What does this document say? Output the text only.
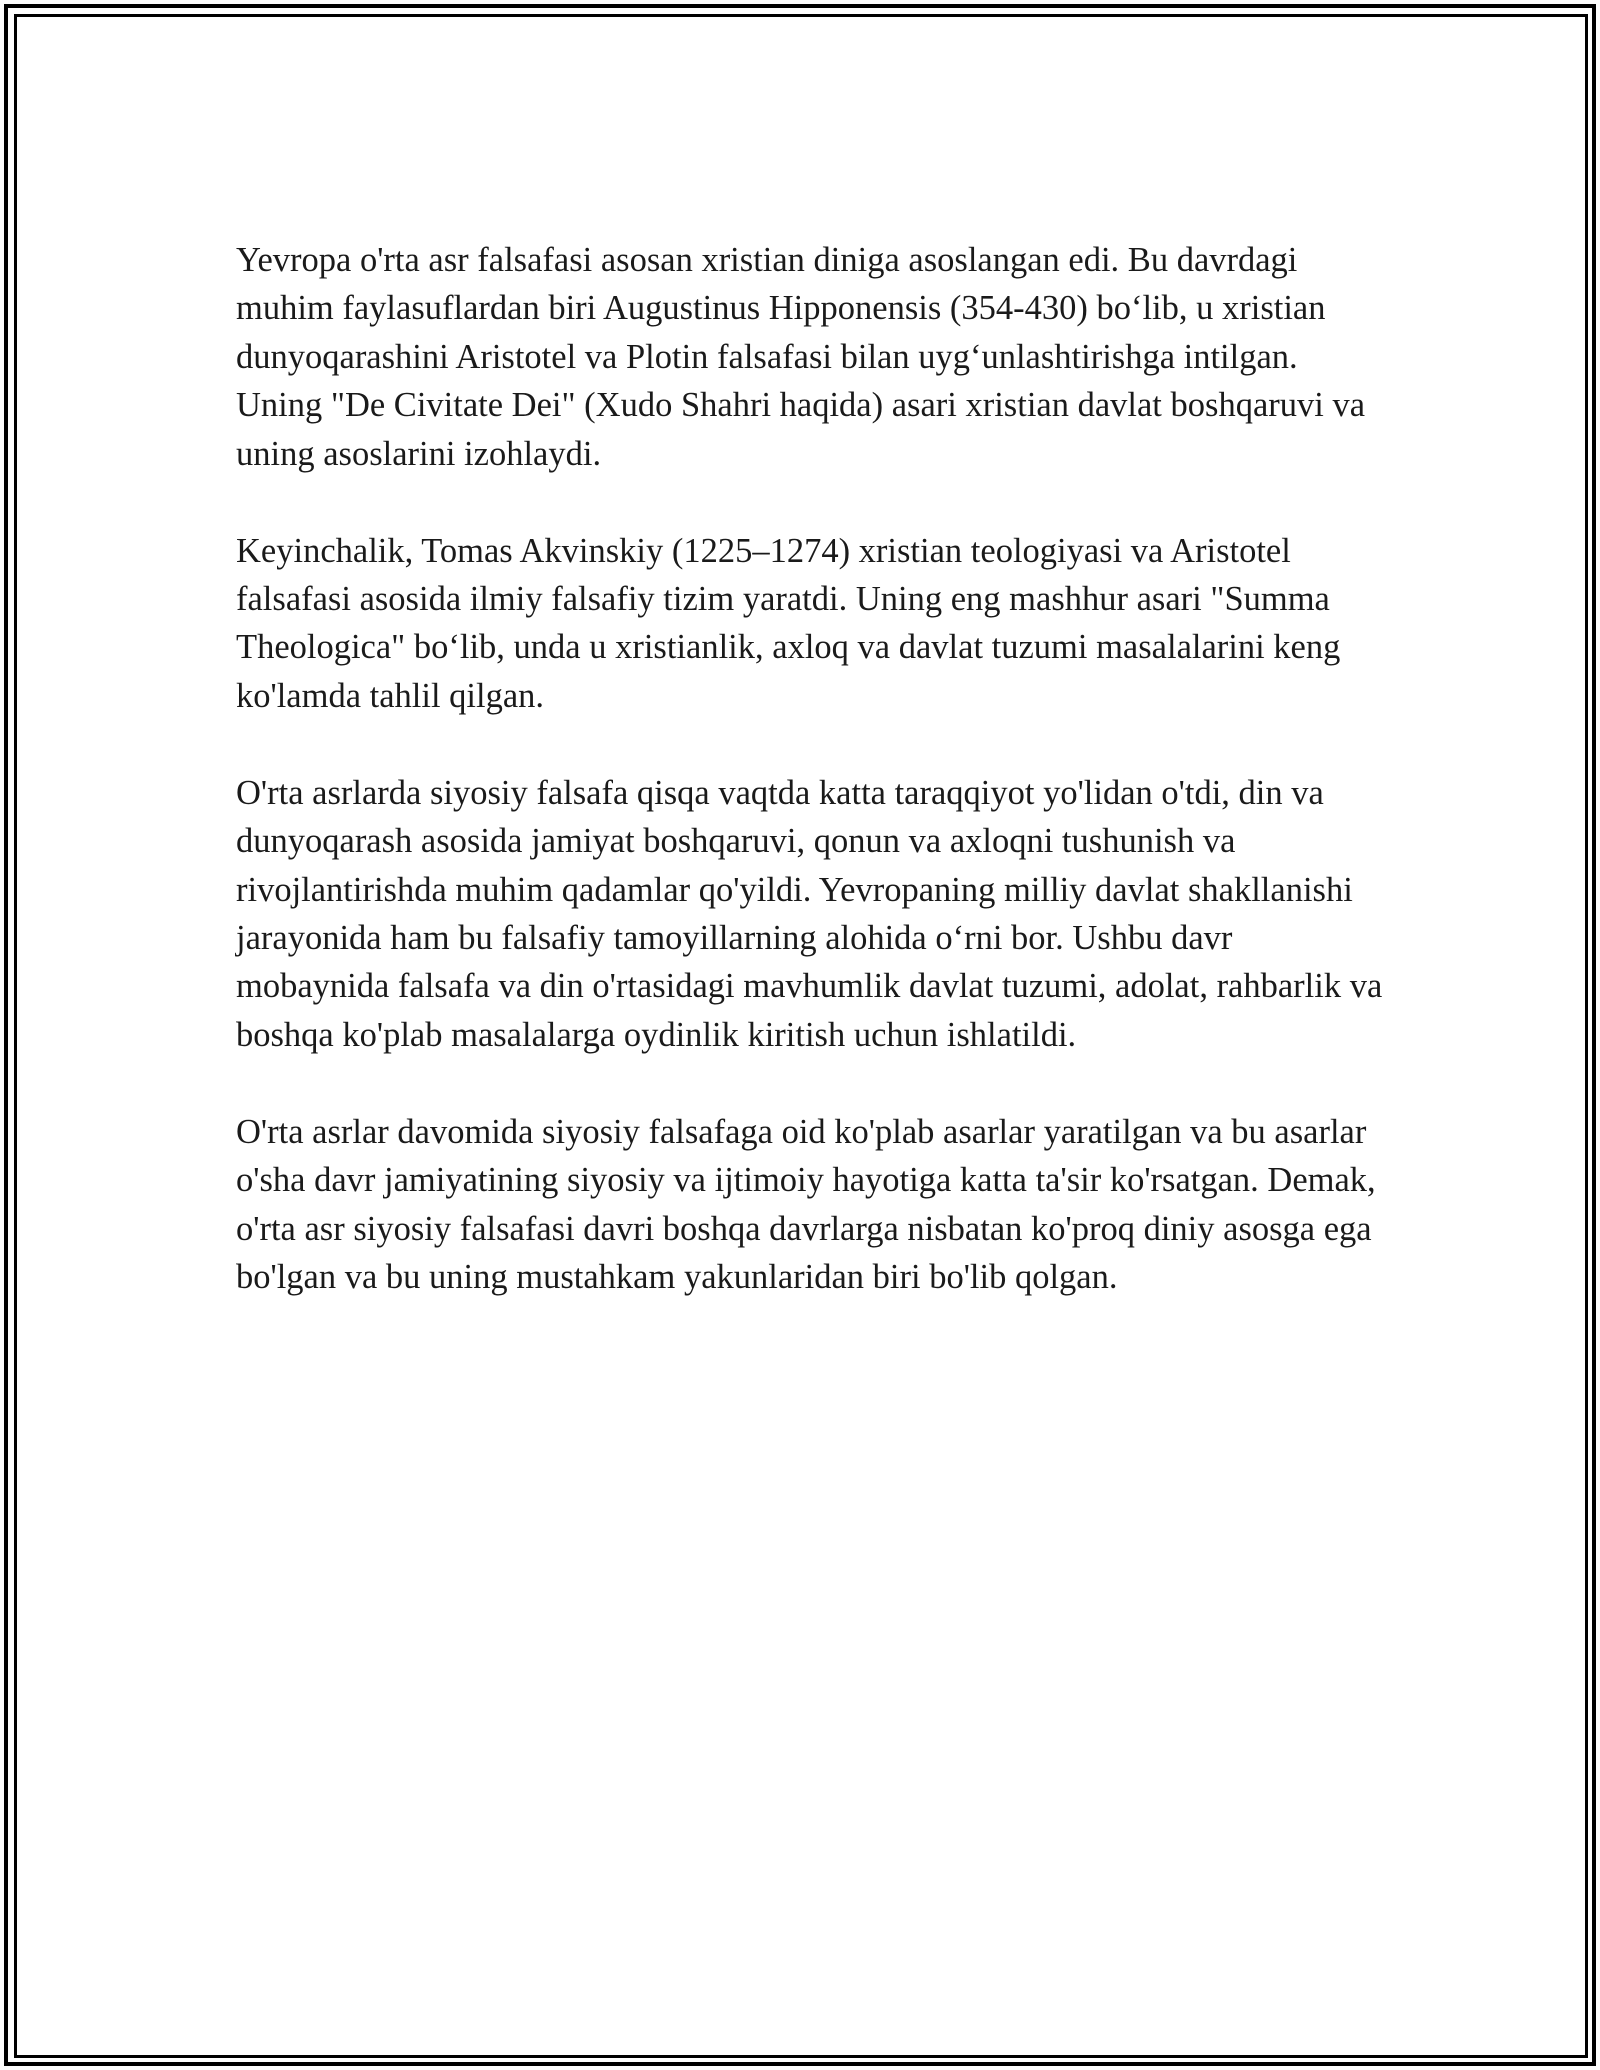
Yevropa o'rta asr falsafasi asosan xristian diniga asoslangan edi. Bu davrdagi muhim faylasuflardan biri Augustinus Hipponensis (354-430) bo‘lib, u xristian dunyoqarashini Aristotel va Plotin falsafasi bilan uyg‘unlashtirishga intilgan. Uning "De Civitate Dei" (Xudo Shahri haqida) asari xristian davlat boshqaruvi va uning asoslarini izohlaydi.

Keyinchalik, Tomas Akvinskiy (1225–1274) xristian teologiyasi va Aristotel falsafasi asosida ilmiy falsafiy tizim yaratdi. Uning eng mashhur asari "Summa Theologica" bo‘lib, unda u xristianlik, axloq va davlat tuzumi masalalarini keng ko'lamda tahlil qilgan.

O'rta asrlarda siyosiy falsafa qisqa vaqtda katta taraqqiyot yo'lidan o'tdi, din va dunyoqarash asosida jamiyat boshqaruvi, qonun va axloqni tushunish va rivojlantirishda muhim qadamlar qo'yildi. Yevropaning milliy davlat shakllanishi jarayonida ham bu falsafiy tamoyillarning alohida o‘rni bor. Ushbu davr mobaynida falsafa va din o'rtasidagi mavhumlik davlat tuzumi, adolat, rahbarlik va boshqa ko'plab masalalarga oydinlik kiritish uchun ishlatildi.

O'rta asrlar davomida siyosiy falsafaga oid ko'plab asarlar yaratilgan va bu asarlar o'sha davr jamiyatining siyosiy va ijtimoiy hayotiga katta ta'sir ko'rsatgan. Demak, o'rta asr siyosiy falsafasi davri boshqa davrlarga nisbatan ko'proq diniy asosga ega bo'lgan va bu uning mustahkam yakunlaridan biri bo'lib qolgan.
